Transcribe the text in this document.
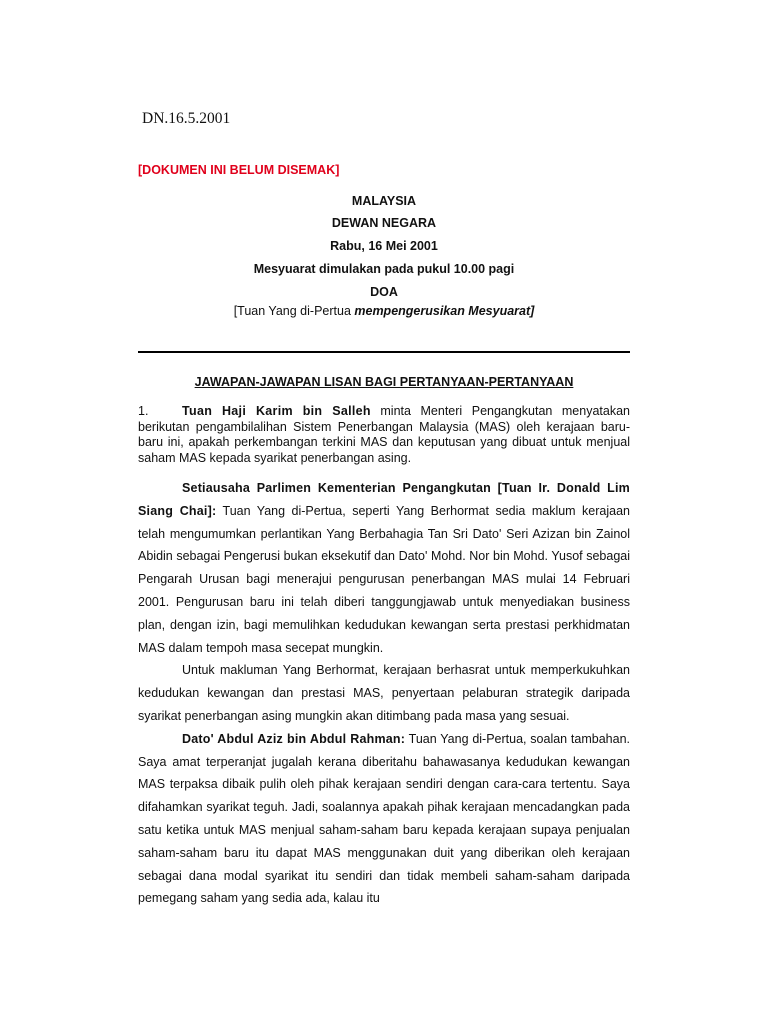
DN.16.5.2001
[DOKUMEN INI BELUM DISEMAK]
MALAYSIA
DEWAN NEGARA
Rabu, 16 Mei 2001
Mesyuarat dimulakan pada pukul 10.00 pagi
DOA
[Tuan Yang di-Pertua mempengerusikan Mesyuarat]
JAWAPAN-JAWAPAN LISAN BAGI PERTANYAAN-PERTANYAAN
1.	Tuan Haji Karim bin Salleh minta Menteri Pengangkutan menyatakan berikutan pengambilalihan Sistem Penerbangan Malaysia (MAS) oleh kerajaan baru-baru ini, apakah perkembangan terkini MAS dan keputusan yang dibuat untuk menjual saham MAS kepada syarikat penerbangan asing.

Setiausaha Parlimen Kementerian Pengangkutan [Tuan Ir. Donald Lim Siang Chai]: Tuan Yang di-Pertua, seperti Yang Berhormat sedia maklum kerajaan telah mengumumkan perlantikan Yang Berbahagia Tan Sri Dato' Seri Azizan bin Zainol Abidin sebagai Pengerusi bukan eksekutif dan Dato' Mohd. Nor bin Mohd. Yusof sebagai Pengarah Urusan bagi menerajui pengurusan penerbangan MAS mulai 14 Februari 2001. Pengurusan baru ini telah diberi tanggungjawab untuk menyediakan business plan, dengan izin, bagi memulihkan kedudukan kewangan serta prestasi perkhidmatan MAS dalam tempoh masa secepat mungkin.

Untuk makluman Yang Berhormat, kerajaan berhasrat untuk memperkukuhkan kedudukan kewangan dan prestasi MAS, penyertaan pelaburan strategik daripada syarikat penerbangan asing mungkin akan ditimbang pada masa yang sesuai.

Dato' Abdul Aziz bin Abdul Rahman: Tuan Yang di-Pertua, soalan tambahan. Saya amat terperanjat jugalah kerana diberitahu bahawasanya kedudukan kewangan MAS terpaksa dibaik pulih oleh pihak kerajaan sendiri dengan cara-cara tertentu. Saya difahamkan syarikat teguh. Jadi, soalannya apakah pihak kerajaan mencadangkan pada satu ketika untuk MAS menjual saham-saham baru kepada kerajaan supaya penjualan saham-saham baru itu dapat MAS menggunakan duit yang diberikan oleh kerajaan sebagai dana modal syarikat itu sendiri dan tidak membeli saham-saham daripada pemegang saham yang sedia ada, kalau itu
